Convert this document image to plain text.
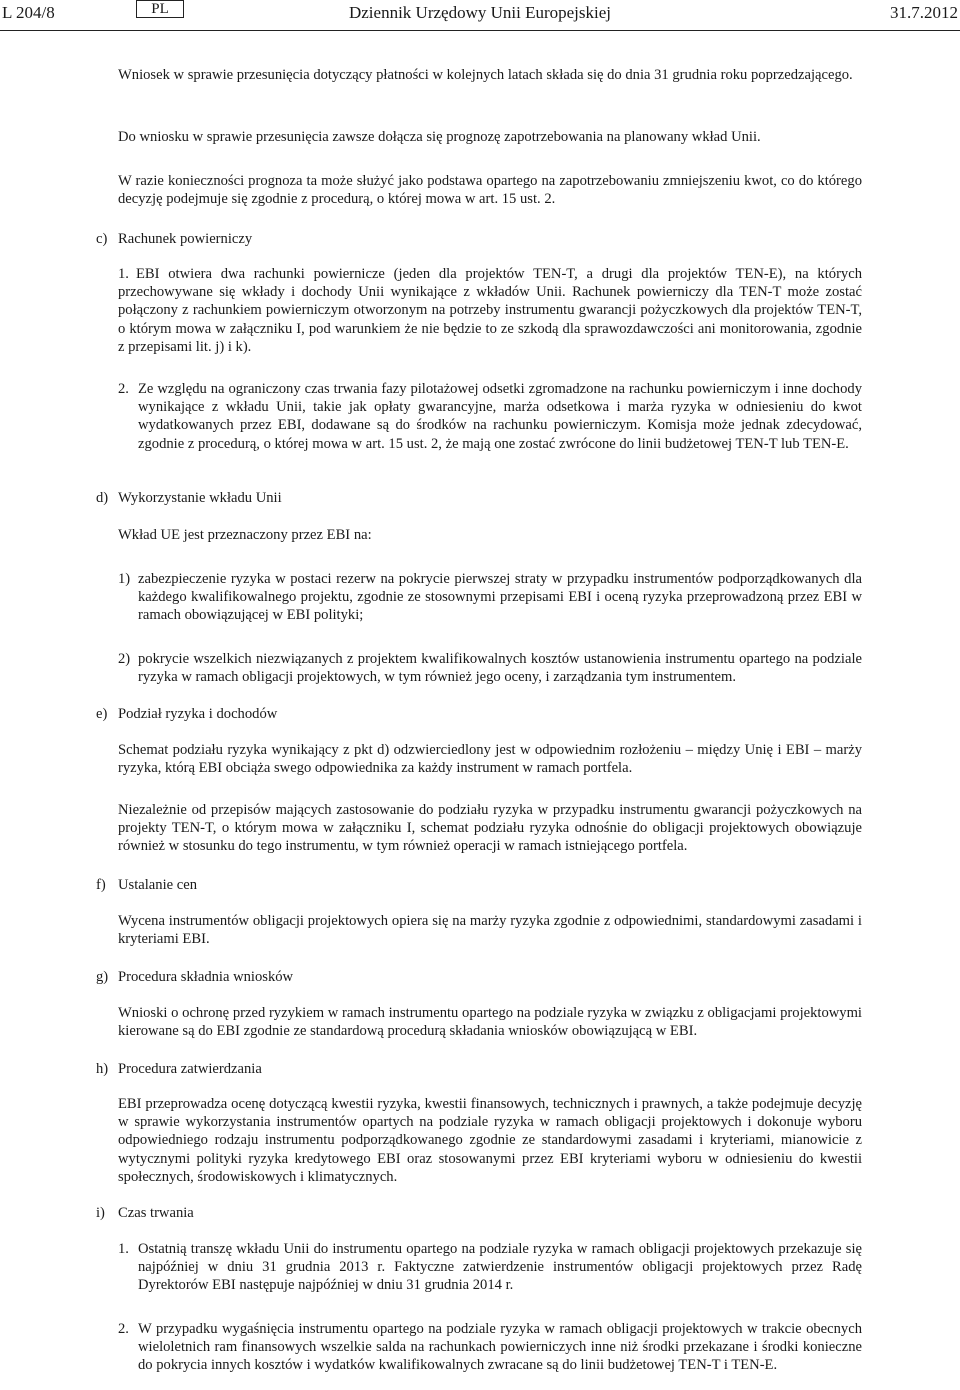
L 204/8	Dziennik Urzędowy Unii Europejskiej
PL	31.7.2012

Wniosek w sprawie przesunięcia dotyczący płatności w kolejnych latach składa się do dnia 31 grudnia roku poprzedzającego.

Do wniosku w sprawie przesunięcia zawsze dołącza się prognozę zapotrzebowania na planowany wkład Unii.

W razie konieczności prognoza ta może służyć jako podstawa opartego na zapotrzebowaniu zmniejszeniu kwot, co do którego decyzję podejmuje się zgodnie z procedurą, o której mowa w art. 15 ust. 2.

c) Rachunek powierniczy
1. EBI otwiera dwa rachunki powiernicze (jeden dla projektów TEN-T, a drugi dla projektów TEN-E), na których przechowywane się wkłady i dochody Unii wynikające z wkładów Unii. Rachunek powierniczy dla TEN-T może zostać połączony z rachunkiem powierniczym otworzonym na potrzeby instrumentu gwarancji pożyczkowych dla projektów TEN-T, o którym mowa w załączniku I, pod warunkiem że nie będzie to ze szkodą dla sprawozdawczości ani monitorowania, zgodnie z przepisami lit. j) i k).

2. Ze względu na ograniczony czas trwania fazy pilotażowej odsetki zgromadzone na rachunku powierniczym i inne dochody wynikające z wkładu Unii, takie jak opłaty gwarancyjne, marża odsetkowa i marża ryzyka w odniesieniu do kwot wydatkowanych przez EBI, dodawane są do środków na rachunku powierniczym. Komisja może jednak zdecydować, zgodnie z procedurą, o której mowa w art. 15 ust. 2, że mają one zostać zwrócone do linii budżetowej TEN-T lub TEN-E.

d) Wykorzystanie wkładu Unii

Wkład UE jest przeznaczony przez EBI na:

1) zabezpieczenie ryzyka w postaci rezerw na pokrycie pierwszej straty w przypadku instrumentów podporządkowanych dla każdego kwalifikowalnego projektu, zgodnie ze stosownymi przepisami EBI i oceną ryzyka przeprowadzoną przez EBI w ramach obowiązującej w EBI polityki;

2) pokrycie wszelkich niezwiązanych z projektem kwalifikowalnych kosztów ustanowienia instrumentu opartego na podziale ryzyka w ramach obligacji projektowych, w tym również jego oceny, i zarządzania tym instrumentem.

e) Podział ryzyka i dochodów

Schemat podziału ryzyka wynikający z pkt d) odzwierciedlony jest w odpowiednim rozłożeniu – między Unię i EBI – marży ryzyka, którą EBI obciąża swego odpowiednika za każdy instrument w ramach portfela.

Niezależnie od przepisów mających zastosowanie do podziału ryzyka w przypadku instrumentu gwarancji pożyczkowych na projekty TEN-T, o którym mowa w załączniku I, schemat podziału ryzyka odnośnie do obligacji projektowych obowiązuje również w stosunku do tego instrumentu, w tym również operacji w ramach istniejącego portfela.

f) Ustalanie cen

Wycena instrumentów obligacji projektowych opiera się na marży ryzyka zgodnie z odpowiednimi, standardowymi zasadami i kryteriami EBI.

g) Procedura składnia wniosków

Wnioski o ochronę przed ryzykiem w ramach instrumentu opartego na podziale ryzyka w związku z obligacjami projektowymi kierowane są do EBI zgodnie ze standardową procedurą składania wniosków obowiązującą w EBI.

h) Procedura zatwierdzania

EBI przeprowadza ocenę dotyczącą kwestii ryzyka, kwestii finansowych, technicznych i prawnych, a także podejmuje decyzję w sprawie wykorzystania instrumentów opartych na podziale ryzyka w ramach obligacji projektowych i dokonuje wyboru odpowiedniego rodzaju instrumentu podporządkowanego zgodnie ze standardowymi zasadami i kryteriami, mianowicie z wytycznymi polityki ryzyka kredytowego EBI oraz stosowanymi przez EBI kryteriami wyboru w odniesieniu do kwestii społecznych, środowiskowych i klimatycznych.

i) Czas trwania
1. Ostatnią transzę wkładu Unii do instrumentu opartego na podziale ryzyka w ramach obligacji projektowych przekazuje się najpóźniej w dniu 31 grudnia 2013 r. Faktyczne zatwierdzenie instrumentów obligacji projektowych przez Radę Dyrektorów EBI następuje najpóźniej w dniu 31 grudnia 2014 r.

2. W przypadku wygaśnięcia instrumentu opartego na podziale ryzyka w ramach obligacji projektowych w trakcie obecnych wieloletnich ram finansowych wszelkie salda na rachunkach powierniczych inne niż środki przekazane i środki konieczne do pokrycia innych kosztów i wydatków kwalifikowalnych zwracane są do linii budżetowej TEN-T i TEN-E.
